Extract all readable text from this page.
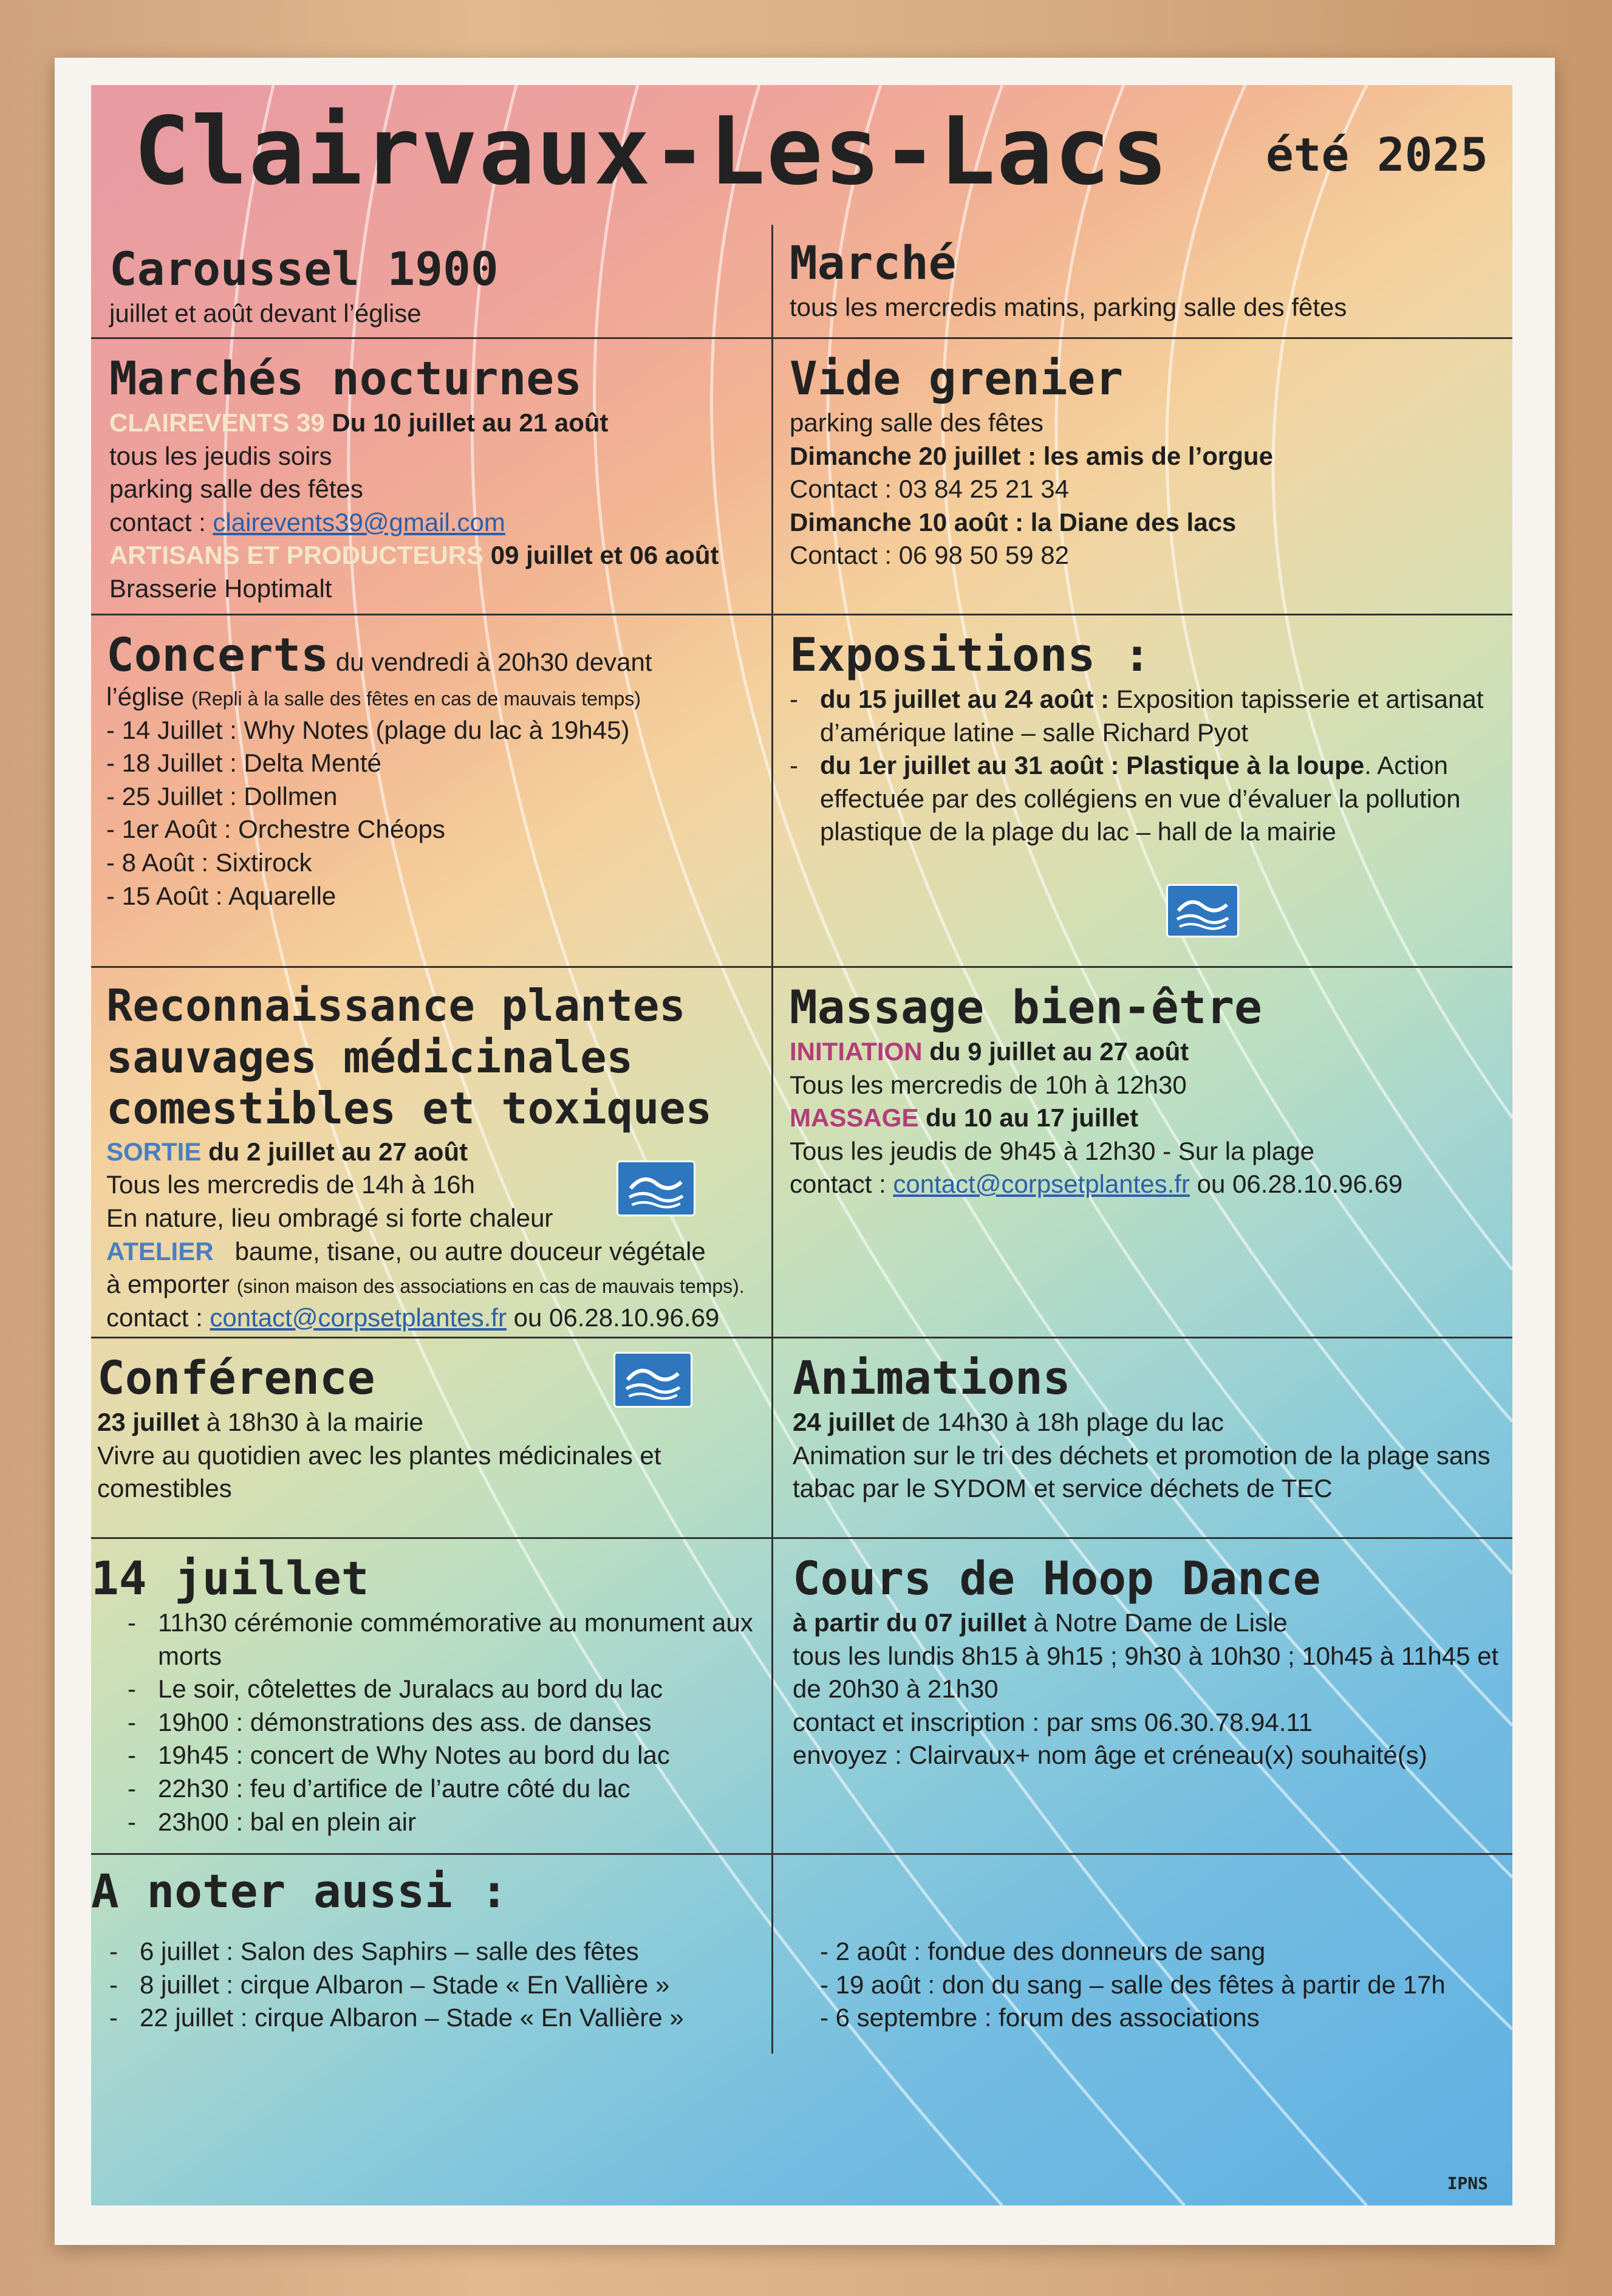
Clairvaux-Les-Lacs été 2025
Caroussel 1900
juillet et août devant l’église
Marché
tous les mercredis matins, parking salle des fêtes
Marchés nocturnes
CLAIREVENTS 39 Du 10 juillet au 21 août
tous les jeudis soirs
parking salle des fêtes
contact : clairevents39@gmail.com
ARTISANS ET PRODUCTEURS 09 juillet et 06 août
Brasserie Hoptimalt
Vide grenier
parking salle des fêtes
Dimanche 20 juillet : les amis de l’orgue
Contact : 03 84 25 21 34
Dimanche 10 août : la Diane des lacs
Contact : 06 98 50 59 82
Concerts du vendredi à 20h30 devant
l’église (Repli à la salle des fêtes en cas de mauvais temps)
- 14 Juillet : Why Notes (plage du lac à 19h45)
- 18 Juillet : Delta Menté
- 25 Juillet : Dollmen
- 1er Août : Orchestre Chéops
- 8 Août : Sixtirock
- 15 Août : Aquarelle
Expositions :
- du 15 juillet au 24 août : Exposition tapisserie et artisanat d’amérique latine – salle Richard Pyot
- du 1er juillet au 31 août : Plastique à la loupe. Action effectuée par des collégiens en vue d’évaluer la pollution plastique de la plage du lac – hall de la mairie
Reconnaissance plantes
sauvages médicinales
comestibles et toxiques
SORTIE du 2 juillet au 27 août
Tous les mercredis de 14h à 16h
En nature, lieu ombragé si forte chaleur
ATELIER baume, tisane, ou autre douceur végétale
à emporter (sinon maison des associations en cas de mauvais temps).
contact : contact@corpsetplantes.fr ou 06.28.10.96.69
Massage bien-être
INITIATION du 9 juillet au 27 août
Tous les mercredis de 10h à 12h30
MASSAGE du 10 au 17 juillet
Tous les jeudis de 9h45 à 12h30 - Sur la plage
contact : contact@corpsetplantes.fr ou 06.28.10.96.69
Conférence
23 juillet à 18h30 à la mairie
Vivre au quotidien avec les plantes médicinales et comestibles
Animations
24 juillet de 14h30 à 18h plage du lac
Animation sur le tri des déchets et promotion de la plage sans tabac par le SYDOM et service déchets de TEC
14 juillet
- 11h30 cérémonie commémorative au monument aux morts
- Le soir, côtelettes de Juralacs au bord du lac
- 19h00 : démonstrations des ass. de danses
- 19h45 : concert de Why Notes au bord du lac
- 22h30 : feu d’artifice de l’autre côté du lac
- 23h00 : bal en plein air
Cours de Hoop Dance
à partir du 07 juillet à Notre Dame de Lisle
tous les lundis 8h15 à 9h15 ; 9h30 à 10h30 ; 10h45 à 11h45 et de 20h30 à 21h30
contact et inscription : par sms 06.30.78.94.11
envoyez : Clairvaux+ nom âge et créneau(x) souhaité(s)
A noter aussi :
- 6 juillet : Salon des Saphirs – salle des fêtes
- 8 juillet : cirque Albaron – Stade « En Vallière »
- 22 juillet : cirque Albaron – Stade « En Vallière »
- 2 août : fondue des donneurs de sang
- 19 août : don du sang – salle des fêtes à partir de 17h
- 6 septembre : forum des associations
IPNS
